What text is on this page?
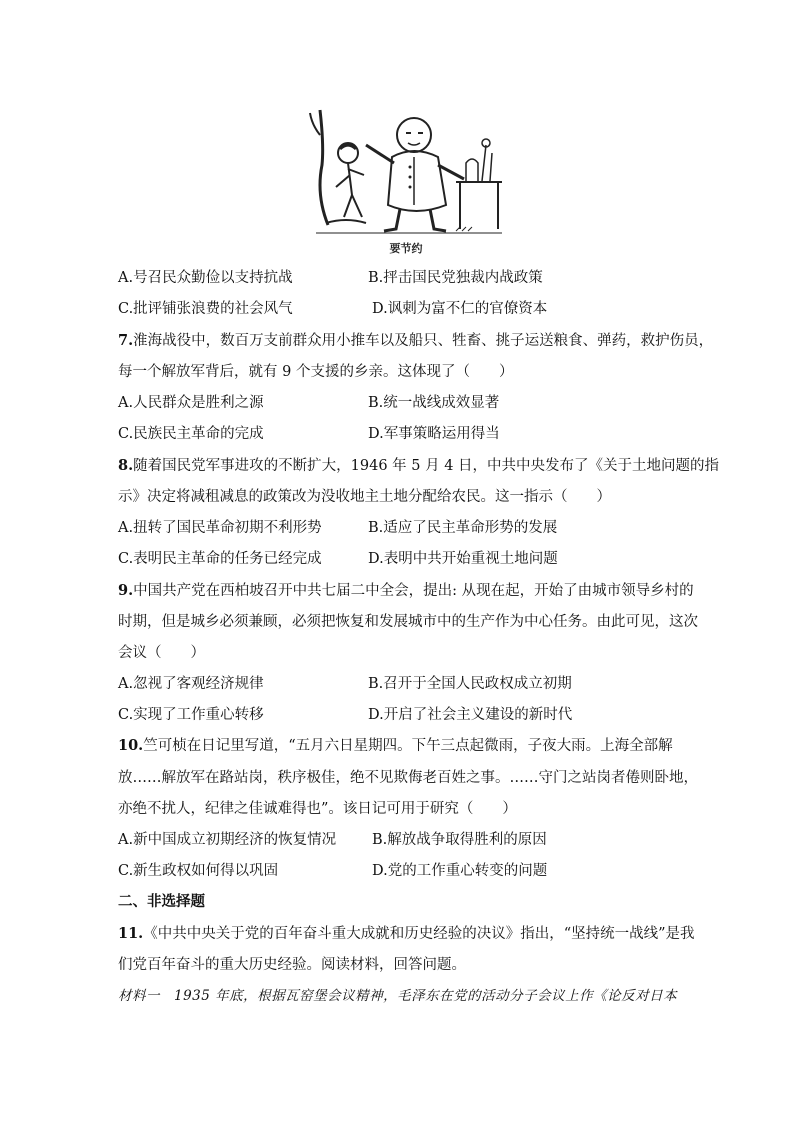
要节约
A.号召民众勤俭以支持抗战	B.抨击国民党独裁内战政策
C.批评铺张浪费的社会风气	D.讽刺为富不仁的官僚资本
7.淮海战役中，数百万支前群众用小推车以及船只、牲畜、挑子运送粮食、弹药，救护伤员，
每一个解放军背后，就有 9 个支援的乡亲。这体现了（　　）
A.人民群众是胜利之源	B.统一战线成效显著
C.民族民主革命的完成	D.军事策略运用得当
8.随着国民党军事进攻的不断扩大，1946 年 5 月 4 日，中共中央发布了《关于土地问题的指
示》决定将减租减息的政策改为没收地主土地分配给农民。这一指示（　　）
A.扭转了国民革命初期不利形势	B.适应了民主革命形势的发展
C.表明民主革命的任务已经完成	D.表明中共开始重视土地问题
9.中国共产党在西柏坡召开中共七届二中全会，提出: 从现在起，开始了由城市领导乡村的
时期，但是城乡必须兼顾，必须把恢复和发展城市中的生产作为中心任务。由此可见，这次
会议（　　）
A.忽视了客观经济规律	B.召开于全国人民政权成立初期
C.实现了工作重心转移	D.开启了社会主义建设的新时代
10.竺可桢在日记里写道，“五月六日星期四。下午三点起微雨，子夜大雨。上海全部解
放……解放军在路站岗，秩序极佳，绝不见欺侮老百姓之事。……守门之站岗者倦则卧地，
亦绝不扰人，纪律之佳诚难得也”。该日记可用于研究（　　）
A.新中国成立初期经济的恢复情况 B.解放战争取得胜利的原因
C.新生政权如何得以巩固	D.党的工作重心转变的问题
二、非选择题
11.《中共中央关于党的百年奋斗重大成就和历史经验的决议》指出，“坚持统一战线”是我
们党百年奋斗的重大历史经验。阅读材料，回答问题。
材料一　1935 年底，根据瓦窑堡会议精神，毛泽东在党的活动分子会议上作《论反对日本
